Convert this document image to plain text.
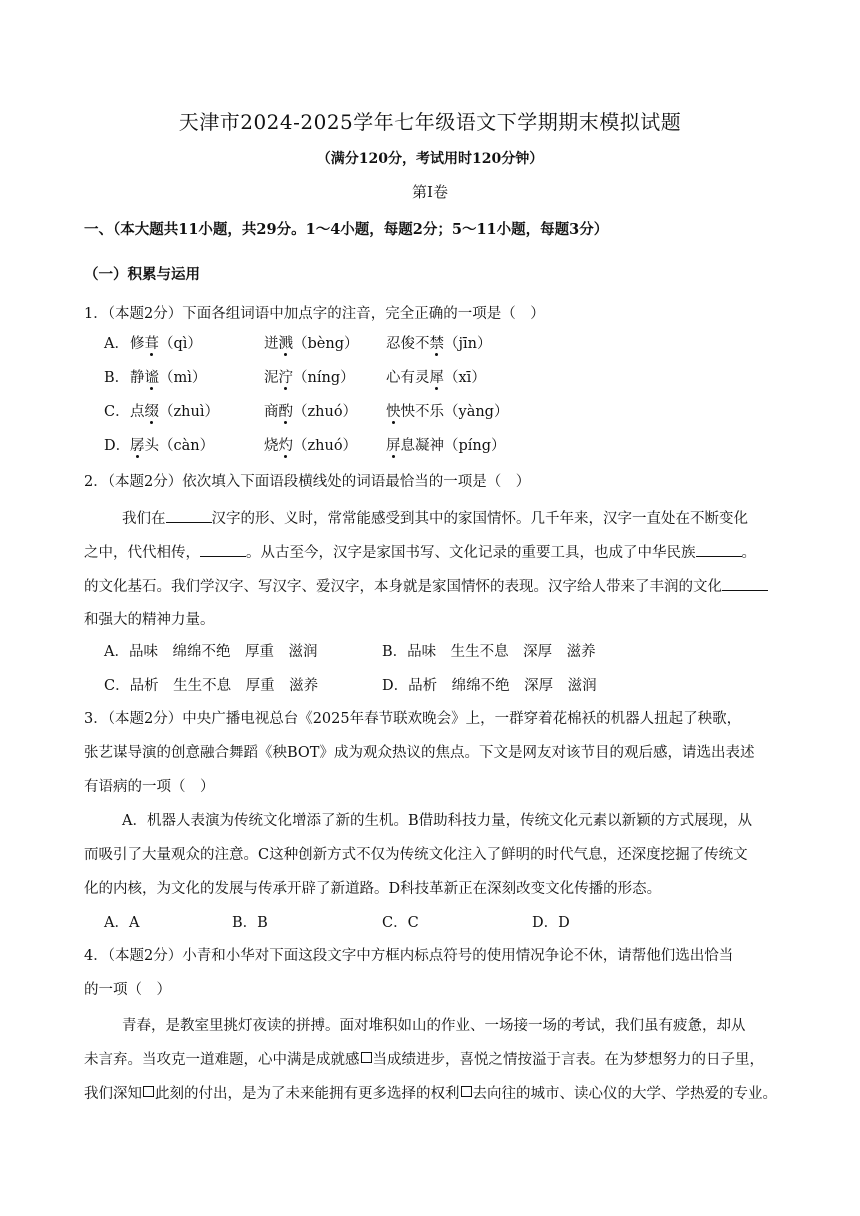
天津市2024-2025学年七年级语文下学期期末模拟试题
（满分120分，考试用时120分钟）
第Ⅰ卷
一、（本大题共11小题，共29分。1～4小题，每题2分；5～11小题，每题3分）
（一）积累与运用
1．（本题2分）下面各组词语中加点字的注音，完全正确的一项是（　）
A． 修葺（qì）	迸溅（bèng） 忍俊不禁（jīn）
B． 静谧（mì）	泥泞（níng） 心有灵犀（xī）
C． 点缀（zhuì）	商酌（zhuó） 怏怏不乐（yàng）
D． 孱头（càn）	烧灼（zhuó） 屏息凝神（píng）
2．（本题2分）依次填入下面语段横线处的词语最恰当的一项是（　）
我们在	汉字的形、义时，常常能感受到其中的家国情怀。几千年来，汉字一直处在不断变化
之中，代代相传，	。从古至今，汉字是家国书写、文化记录的重要工具，也成了中华民族	。
的文化基石。我们学汉字、写汉字、爱汉字，本身就是家国情怀的表现。汉字给人带来了丰润的文化
和强大的精神力量。
A．品味　绵绵不绝　厚重　滋润	B．品味　生生不息　深厚　滋养
C．品析　生生不息　厚重　滋养	D．品析　绵绵不绝　深厚　滋润
3．（本题2分）中央广播电视总台《2025年春节联欢晚会》上，一群穿着花棉袄的机器人扭起了秧歌，
张艺谋导演的创意融合舞蹈《秧BOT》成为观众热议的焦点。下文是网友对该节目的观后感，请选出表述
有语病的一项（　）
A．机器人表演为传统文化增添了新的生机。B借助科技力量，传统文化元素以新颖的方式展现，从
而吸引了大量观众的注意。C这种创新方式不仅为传统文化注入了鲜明的时代气息，还深度挖掘了传统文
化的内核，为文化的发展与传承开辟了新道路。D科技革新正在深刻改变文化传播的形态。
A．A	B．B	C．C	D．D
4．（本题2分）小青和小华对下面这段文字中方框内标点符号的使用情况争论不休，请帮他们选出恰当
的一项（　）
青春，是教室里挑灯夜读的拼搏。面对堆积如山的作业、一场接一场的考试，我们虽有疲惫，却从
未言弃。当攻克一道难题，心中满是成就感 当成绩进步，喜悦之情按溢于言表。在为梦想努力的日子里，
我们深知 此刻的付出，是为了未来能拥有更多选择的权利 去向往的城市、读心仪的大学、学热爱的专业。
